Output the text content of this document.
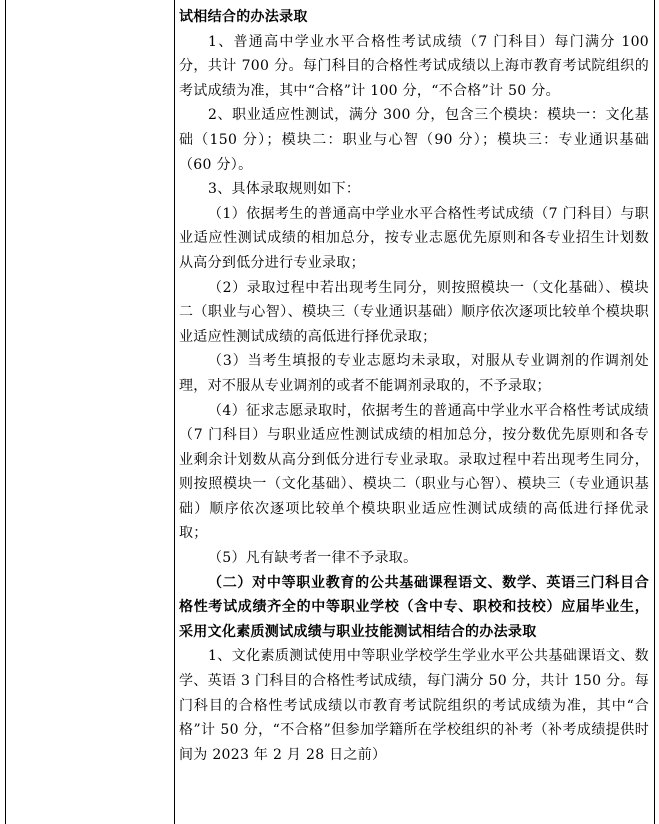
试相结合的办法录取

1、普通高中学业水平合格性考试成绩（7 门科目）每门满分 100 分，共计 700 分。每门科目的合格性考试成绩以上海市教育考试院组织的考试成绩为准，其中“合格”计 100 分，“不合格”计 50 分。

2、职业适应性测试，满分 300 分，包含三个模块：模块一：文化基础（150 分）；模块二：职业与心智（90 分）；模块三：专业通识基础（60 分）。

3、具体录取规则如下：

（1）依据考生的普通高中学业水平合格性考试成绩（7 门科目）与职业适应性测试成绩的相加总分，按专业志愿优先原则和各专业招生计划数从高分到低分进行专业录取；

（2）录取过程中若出现考生同分，则按照模块一（文化基础）、模块二（职业与心智）、模块三（专业通识基础）顺序依次逐项比较单个模块职业适应性测试成绩的高低进行择优录取；

（3）当考生填报的专业志愿均未录取，对服从专业调剂的作调剂处理，对不服从专业调剂的或者不能调剂录取的，不予录取；

（4）征求志愿录取时，依据考生的普通高中学业水平合格性考试成绩（7 门科目）与职业适应性测试成绩的相加总分，按分数优先原则和各专业剩余计划数从高分到低分进行专业录取。录取过程中若出现考生同分，则按照模块一（文化基础）、模块二（职业与心智）、模块三（专业通识基础）顺序依次逐项比较单个模块职业适应性测试成绩的高低进行择优录取；

（5）凡有缺考者一律不予录取。

（二）对中等职业教育的公共基础课程语文、数学、英语三门科目合格性考试成绩齐全的中等职业学校（含中专、职校和技校）应届毕业生，采用文化素质测试成绩与职业技能测试相结合的办法录取

1、文化素质测试使用中等职业学校学生学业水平公共基础课语文、数学、英语 3 门科目的合格性考试成绩，每门满分 50 分，共计 150 分。每门科目的合格性考试成绩以市教育考试院组织的考试成绩为准，其中“合格”计 50 分，“不合格”但参加学籍所在学校组织的补考（补考成绩提供时间为 2023 年 2 月 28 日之前）
